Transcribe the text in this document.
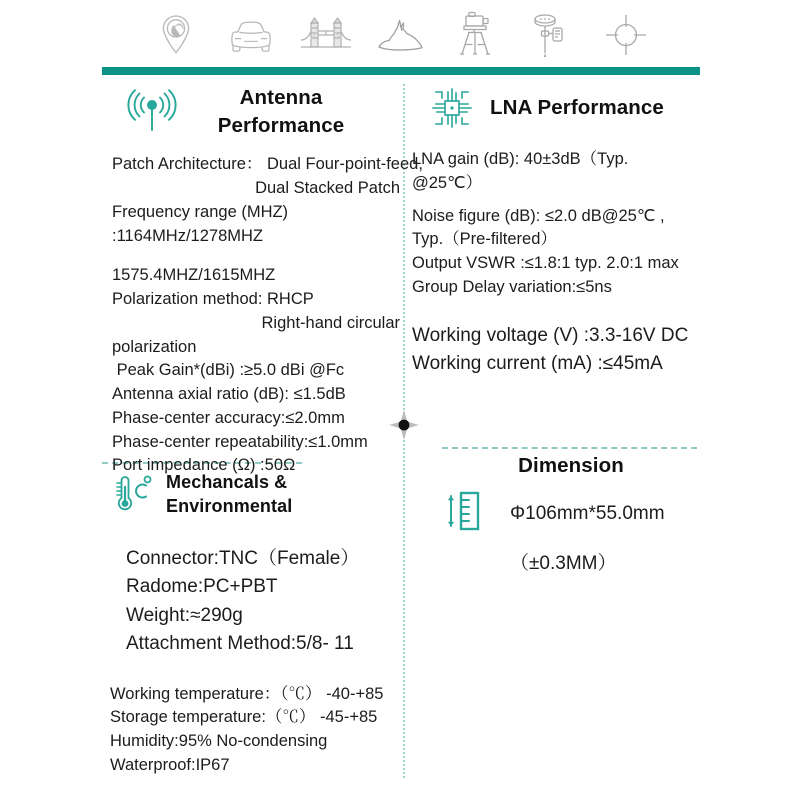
Antenna
Performance
Patch Architecture： Dual Four-point-feed,
Dual Stacked Patch
Frequency range (MHZ)
:1164MHz/1278MHZ
1575.4MHZ/1615MHZ
Polarization method: RHCP
Right-hand circular
polarization
Peak Gain*(dBi) :≥5.0 dBi @Fc
Antenna axial ratio (dB): ≤1.5dB
Phase-center accuracy:≤2.0mm
Phase-center repeatability:≤1.0mm
Port impedance (Ω) :50Ω
LNA Performance
LNA gain (dB): 40±3dB（Typ.
@25℃）
Noise figure (dB): ≤2.0 dB@25℃ ,
Typ.（Pre-filtered）
Output VSWR :≤1.8:1 typ. 2.0:1 max
Group Delay variation:≤5ns
Working voltage (V) :3.3-16V DC
Working current (mA) :≤45mA
Mechancals & Environmental
Connector:TNC（Female）
Radome:PC+PBT
Weight:≈290g
Attachment Method:5/8- 11
Working temperature：（℃） -40-+85
Storage temperature:（℃） -45-+85
Humidity:95% No-condensing
Waterproof:IP67
Dimension
Φ106mm*55.0mm
（±0.3MM）
